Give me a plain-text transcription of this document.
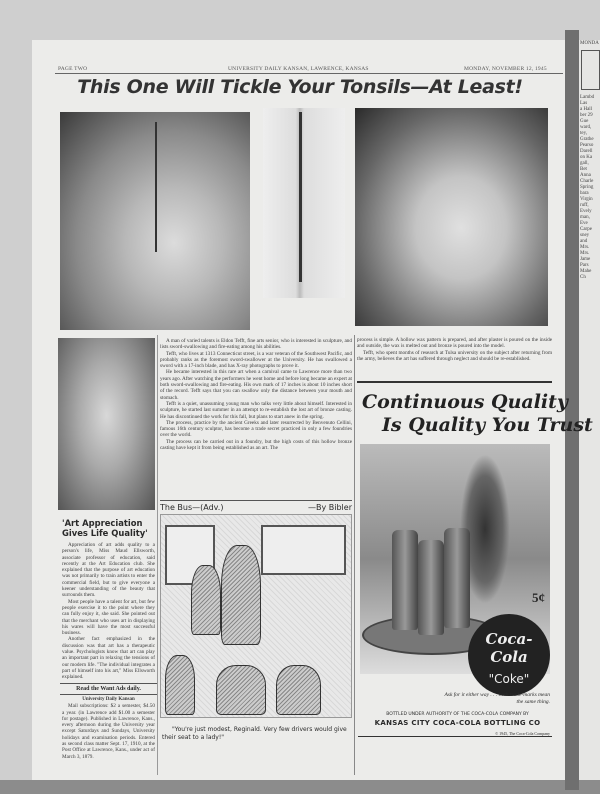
MONDA
Lambd
Las
a Hall
ber 29
Gue
ward,
tey,
Grathe
Pearso
Darell
on Ka
gall,
Bet
Anna
Charle
Spring
bara
Virgin
ruff,
Evely
man,
Eve
Carpe
sney
and
Mrs.
Mrs.
Jame
Pars
Mahe
Ch
PAGE TWO	UNIVERSITY DAILY KANSAN, LAWRENCE, KANSAS	MONDAY, NOVEMBER 12, 1945
This One Will Tickle Your Tonsils—At Least!

A man of varied talents is Eldon Tefft, fine arts senior, who is interested in sculpture, and lists sword-swallowing and fire-eating among his abilities.

Tefft, who lives at 1313 Connecticut street, is a war veteran of the Southwest Pacific, and probably ranks as the foremost sword-swallower at the University. He has swallowed a sword with a 17-inch blade, and has X-ray photographs to prove it.

He became interested in this rare art when a carnival came to Lawrence more than two years ago. After watching the performers he went home and before long became an expert at both sword-swallowing and fire-eating. His own mark of 17 inches is about 10 inches short of the record. Tefft says that you can swallow only the distance between your mouth and stomach.

Tefft is a quiet, unassuming young man who talks very little about himself. Interested in sculpture, he started last summer in an attempt to re-establish the lost art of bronze casting. He has discontinued the work for this fall, but plans to start anew in the spring.

The process, practice by the ancient Greeks and later resurrected by Benvenuto Cellini, famous 16th century sculptor, has become a trade secret practiced in only a few foundries over the world.

The process can be carried out in a foundry, but the high costs of this hollow bronze casting have kept it from being established as an art. The

process is simple. A hollow wax pattern is prepared, and after plaster is poured on the inside and outside, the wax is melted out and bronze is poured into the model.

Tefft, who spent months of research at Tulsa university on the subject after returning from the army, believes the art has suffered through neglect and should be re-established.

Continuous Quality
Is Quality You Trust
5¢
Coca-Cola
"Coke"
Ask for it either way . . . both trade-marks mean the same thing.
BOTTLED UNDER AUTHORITY OF THE COCA-COLA COMPANY BY
KANSAS CITY COCA-COLA BOTTLING CO
© 1945, The Coca-Cola Company
The Bus—(Adv.)	—By Bibler
"You're just modest, Reginald. Very few drivers would give their seat to a lady!"
'Art Appreciation Gives Life Quality'

Appreciation of art adds quality to a person's life, Miss Maud Ellsworth, associate professor of education, said recently at the Art Education club. She explained that the purpose of art education was not primarily to train artists to enter the commercial field, but to give everyone a keener understanding of the beauty that surrounds them.

Most people have a talent for art, but few people exercise it to the point where they can fully enjoy it, she said. She pointed out that the merchant who uses art in displaying his wares will have the most successful business.

Another fact emphasized in the discussion was that art has a therapeutic value. Psychologists know that art can play an important part in relaxing the tensions of our modern life. "The individual integrates a part of himself into his art," Miss Ellsworth explained.

Read the Want Ads daily.
University Daily Kansan

Mail subscriptions: $2 a semester, $4.50 a year. (in Lawrence add $1.00 a semester for postage). Published in Lawrence, Kans., every afternoon during the University year except Saturdays and Sundays, University holidays and examination periods. Entered as second class matter Sept. 17, 1910, at the Post Office at Lawrence, Kans., under act of March 3, 1879.
